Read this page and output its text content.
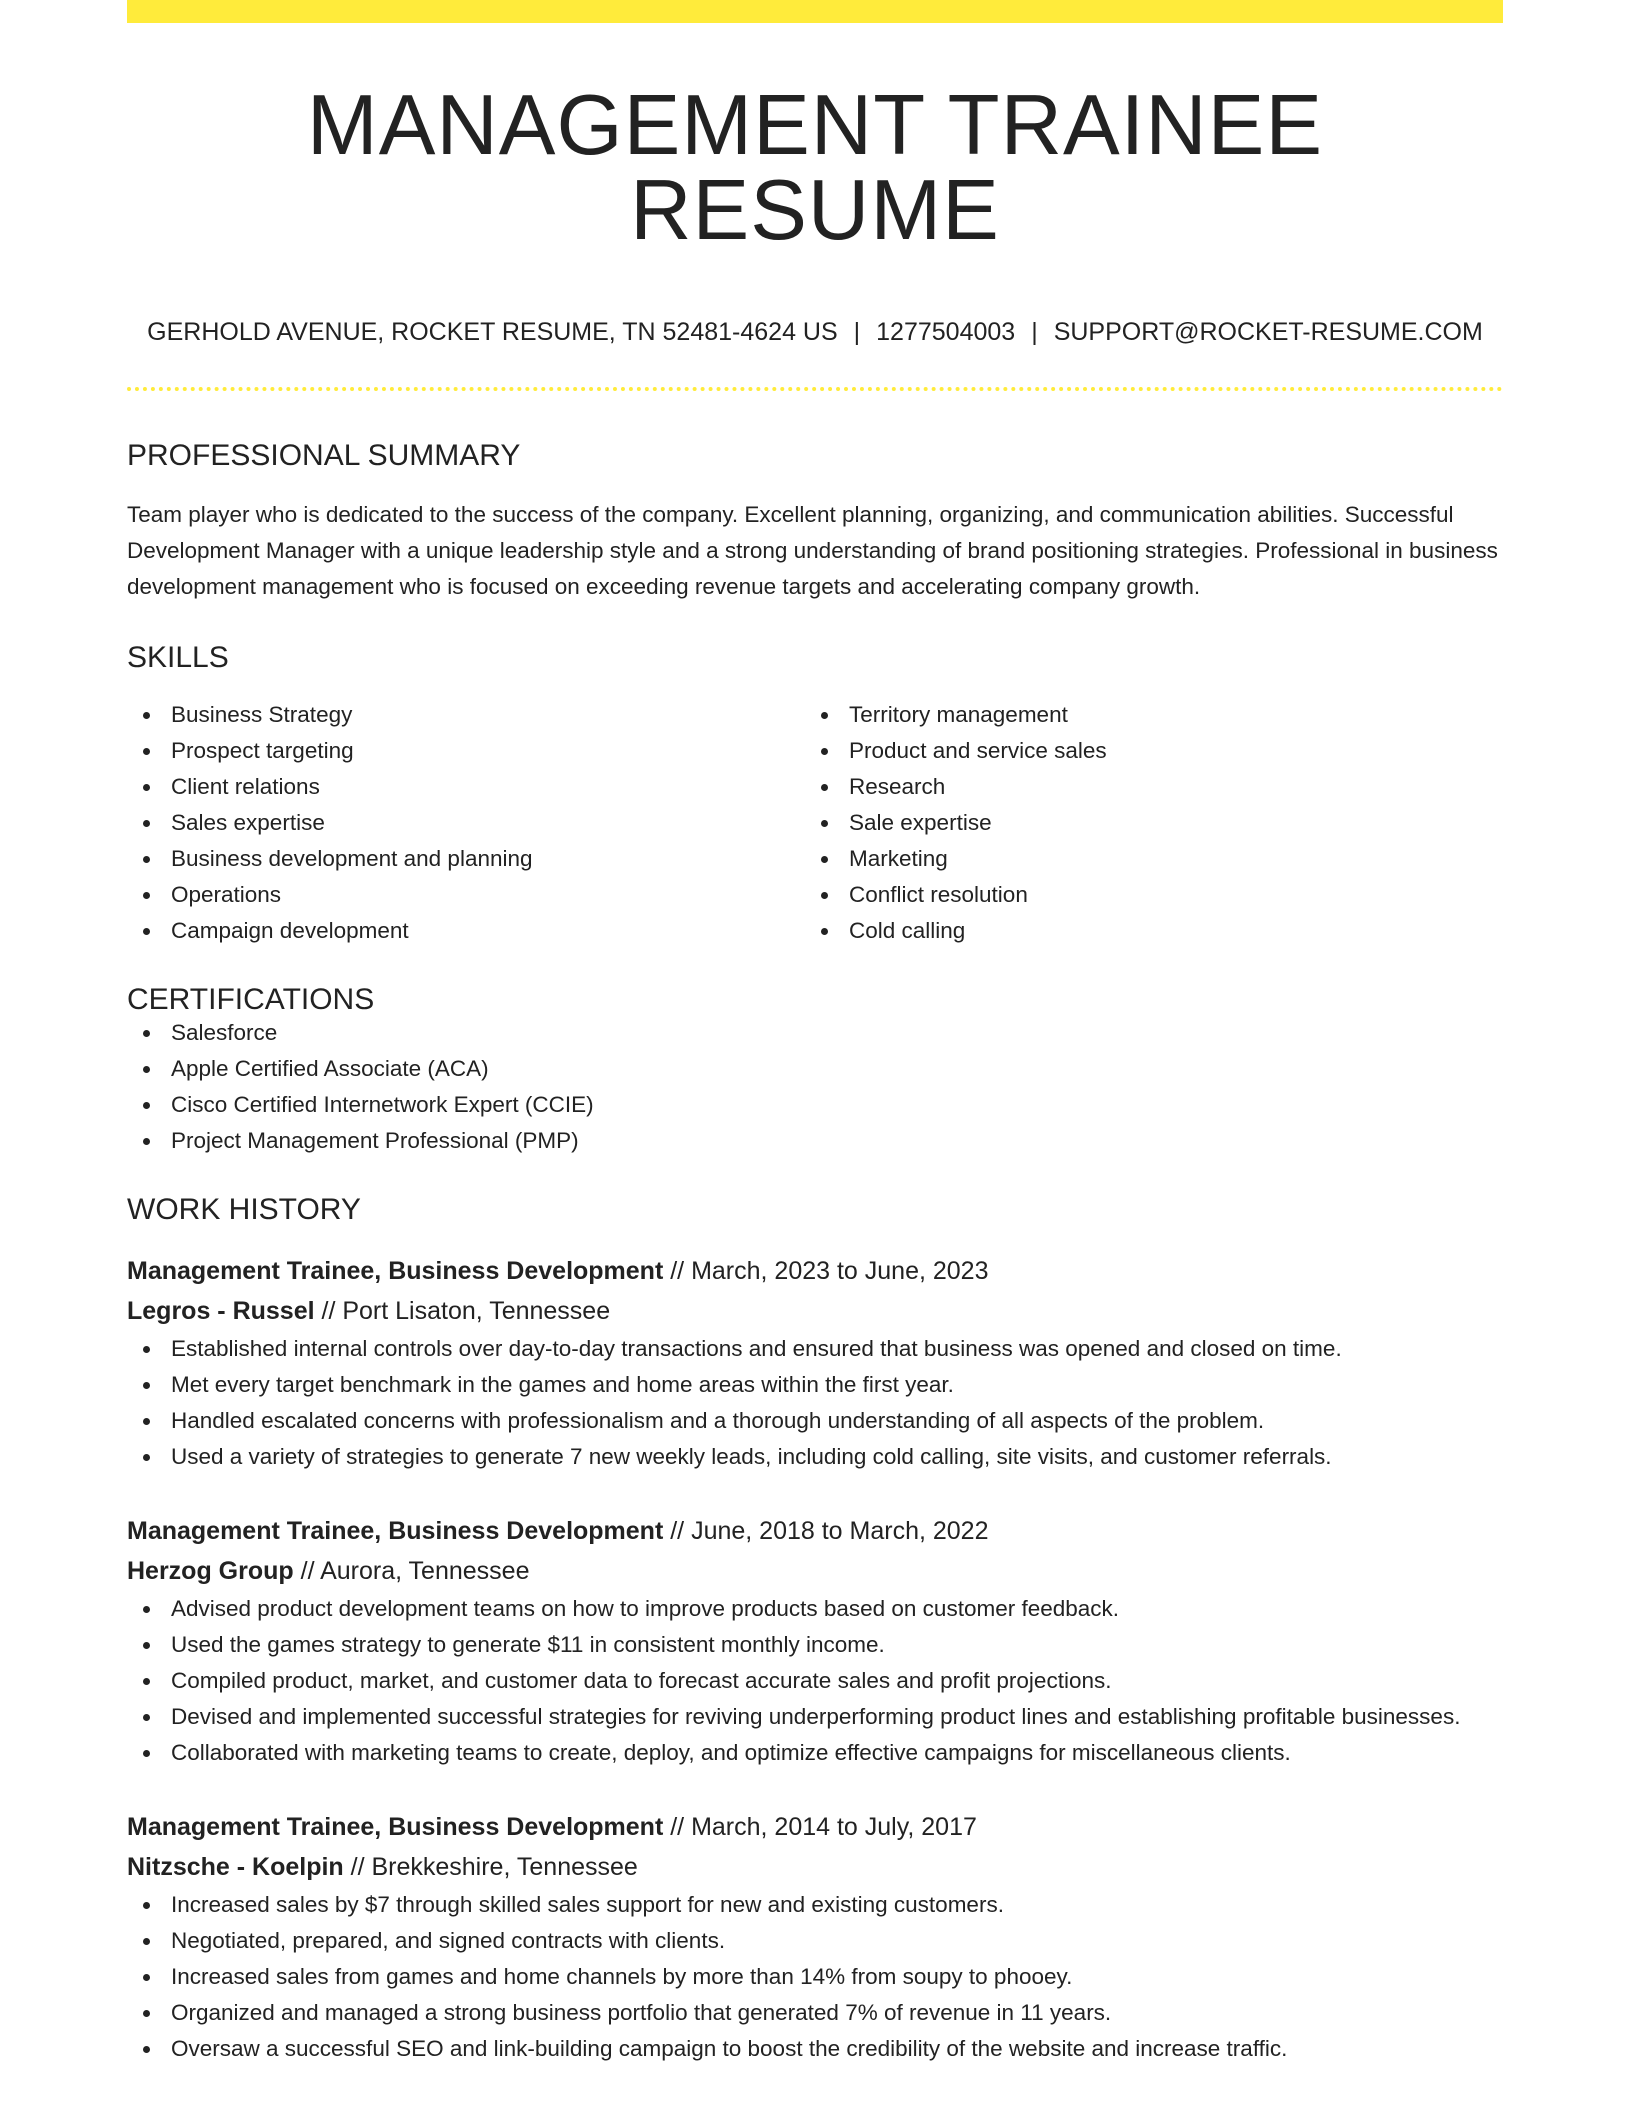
MANAGEMENT TRAINEE RESUME
GERHOLD AVENUE, ROCKET RESUME, TN 52481-4624 US | 1277504003 | SUPPORT@ROCKET-RESUME.COM
PROFESSIONAL SUMMARY
Team player who is dedicated to the success of the company. Excellent planning, organizing, and communication abilities. Successful Development Manager with a unique leadership style and a strong understanding of brand positioning strategies. Professional in business development management who is focused on exceeding revenue targets and accelerating company growth.
SKILLS
Business Strategy
Prospect targeting
Client relations
Sales expertise
Business development and planning
Operations
Campaign development
Territory management
Product and service sales
Research
Sale expertise
Marketing
Conflict resolution
Cold calling
CERTIFICATIONS
Salesforce
Apple Certified Associate (ACA)
Cisco Certified Internetwork Expert (CCIE)
Project Management Professional (PMP)
WORK HISTORY
Management Trainee, Business Development // March, 2023 to June, 2023
Legros - Russel // Port Lisaton, Tennessee
Established internal controls over day-to-day transactions and ensured that business was opened and closed on time.
Met every target benchmark in the games and home areas within the first year.
Handled escalated concerns with professionalism and a thorough understanding of all aspects of the problem.
Used a variety of strategies to generate 7 new weekly leads, including cold calling, site visits, and customer referrals.
Management Trainee, Business Development // June, 2018 to March, 2022
Herzog Group // Aurora, Tennessee
Advised product development teams on how to improve products based on customer feedback.
Used the games strategy to generate $11 in consistent monthly income.
Compiled product, market, and customer data to forecast accurate sales and profit projections.
Devised and implemented successful strategies for reviving underperforming product lines and establishing profitable businesses.
Collaborated with marketing teams to create, deploy, and optimize effective campaigns for miscellaneous clients.
Management Trainee, Business Development // March, 2014 to July, 2017
Nitzsche - Koelpin // Brekkeshire, Tennessee
Increased sales by $7 through skilled sales support for new and existing customers.
Negotiated, prepared, and signed contracts with clients.
Increased sales from games and home channels by more than 14% from soupy to phooey.
Organized and managed a strong business portfolio that generated 7% of revenue in 11 years.
Oversaw a successful SEO and link-building campaign to boost the credibility of the website and increase traffic.
